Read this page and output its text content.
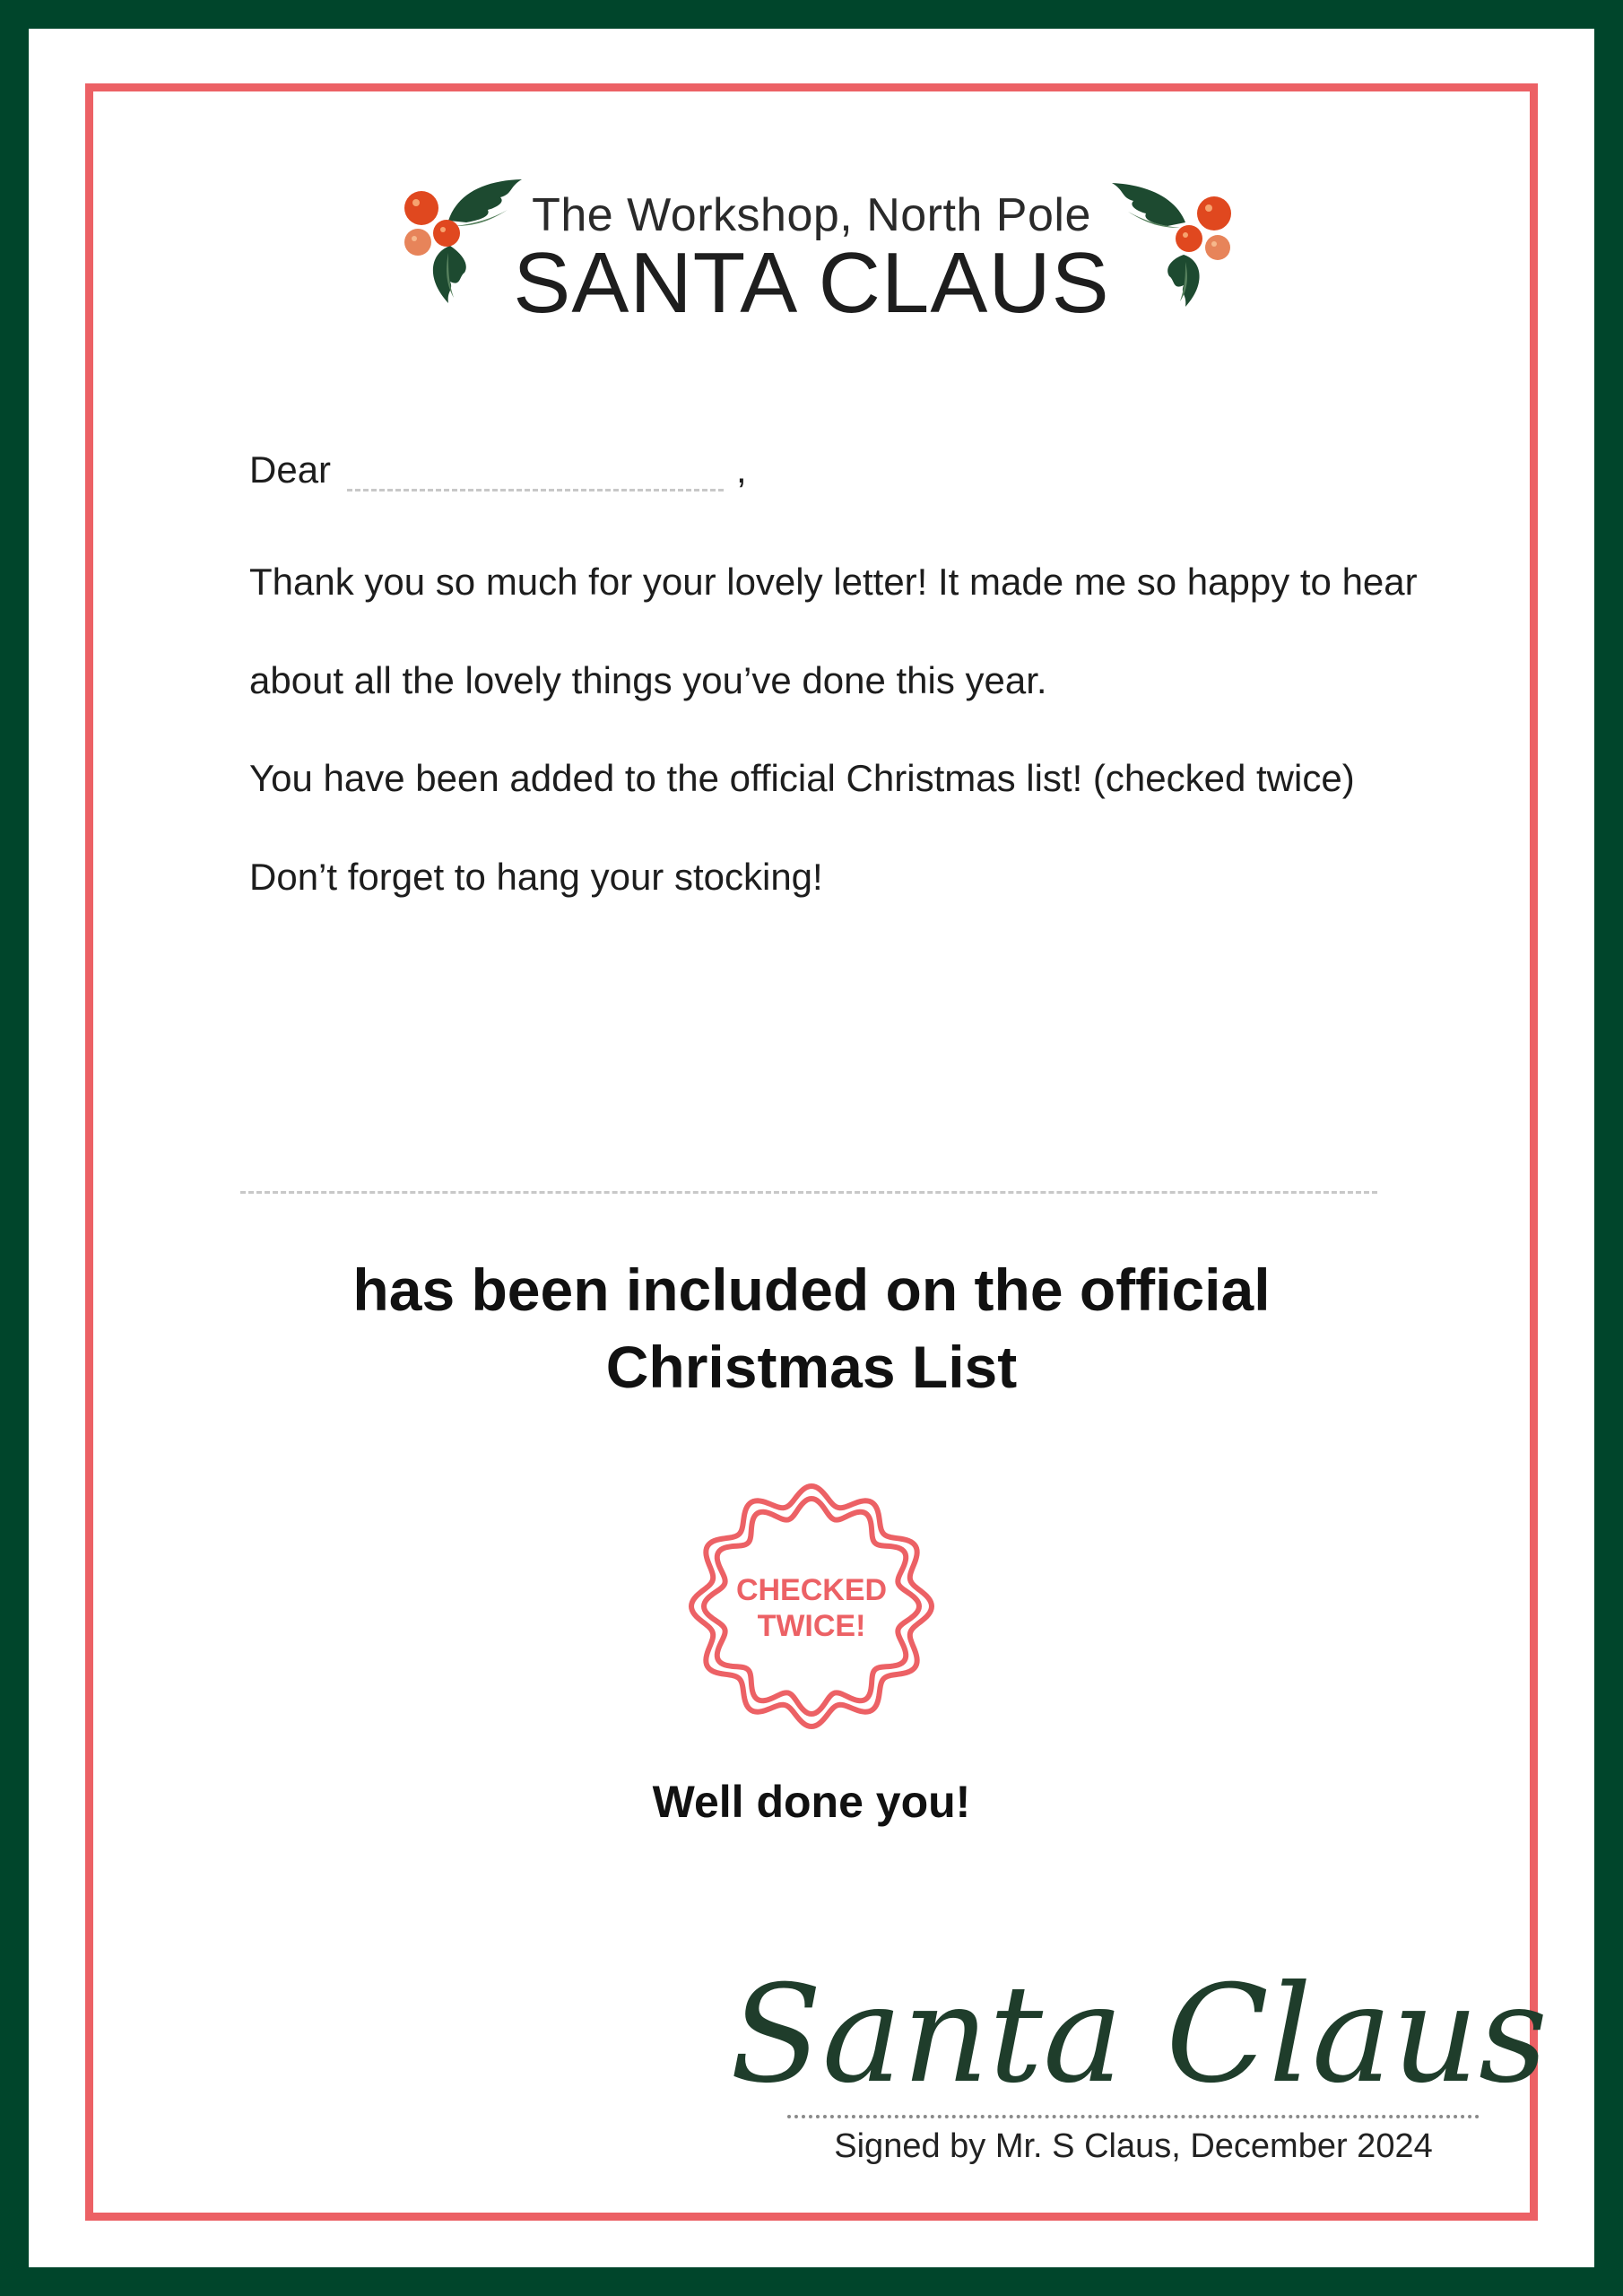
The Workshop, North Pole
SANTA CLAUS
Dear	,
Thank you so much for your lovely letter! It made me so happy to hear
about all the lovely things you’ve done this year.
You have been added to the official Christmas list! (checked twice)
Don’t forget to hang your stocking!
has been included on the official
Christmas List
CHECKED
TWICE!
Well done you!
Santa Claus
Signed by Mr. S Claus, December 2024
